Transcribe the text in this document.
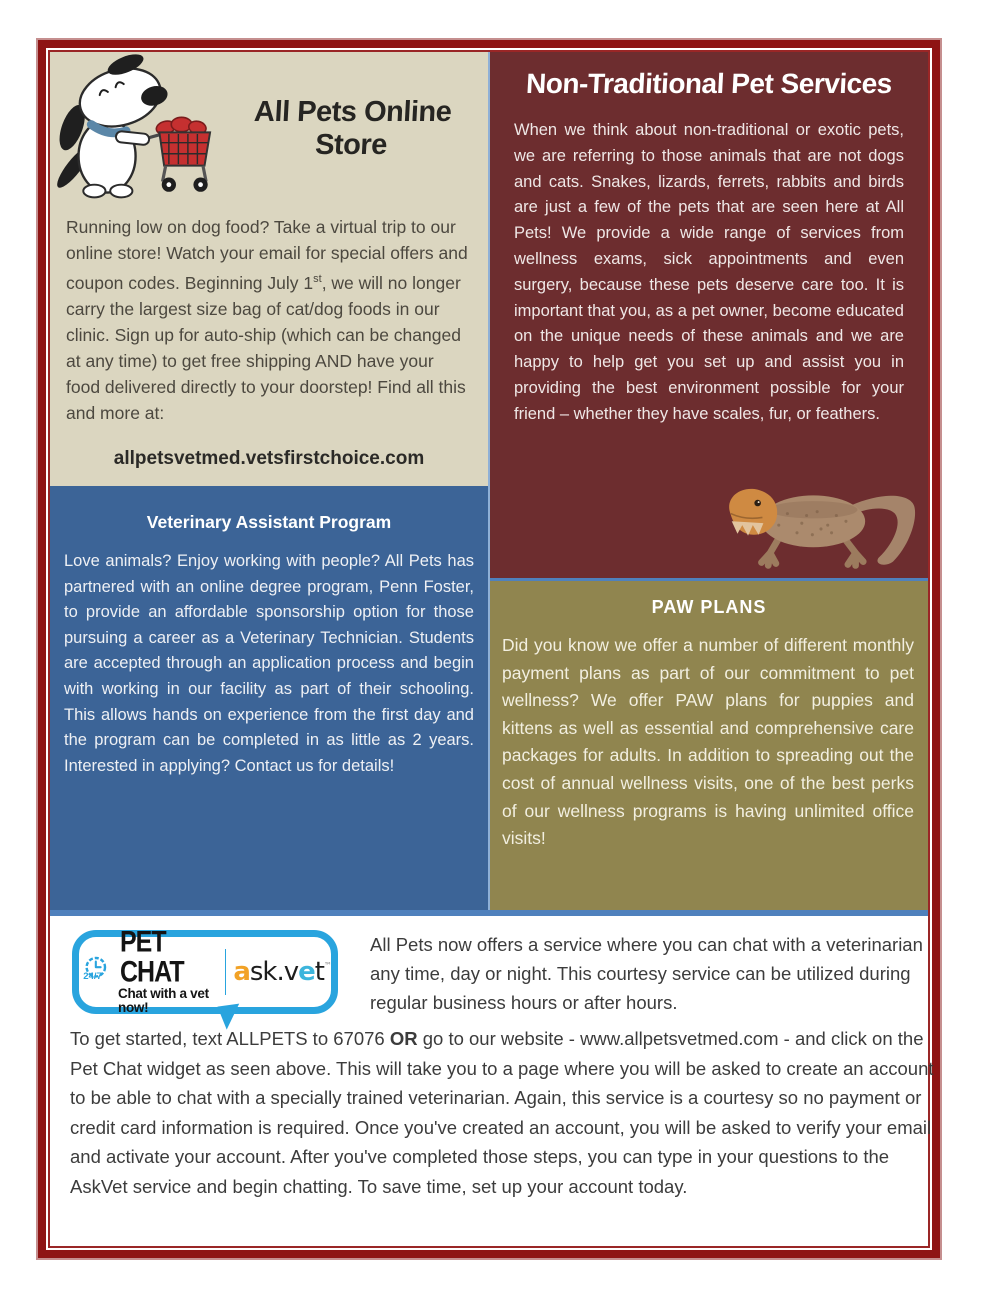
All Pets Online Store
Running low on dog food? Take a virtual trip to our online store! Watch your email for special offers and coupon codes. Beginning July 1st, we will no longer carry the largest size bag of cat/dog foods in our clinic. Sign up for auto-ship (which can be changed at any time) to get free shipping AND have your food delivered directly to your doorstep! Find all this and more at:
allpetsvetmed.vetsfirstchoice.com
Veterinary Assistant Program
Love animals? Enjoy working with people? All Pets has partnered with an online degree program, Penn Foster, to provide an affordable sponsorship option for those pursuing a career as a Veterinary Technician. Students are accepted through an application process and begin with working in our facility as part of their schooling. This allows hands on experience from the first day and the program can be completed in as little as 2 years. Interested in applying? Contact us for details!
Non-Traditional Pet Services
When we think about non-traditional or exotic pets, we are referring to those animals that are not dogs and cats. Snakes, lizards, ferrets, rabbits and birds are just a few of the pets that are seen here at All Pets! We provide a wide range of services from wellness exams, sick appointments and even surgery, because these pets deserve care too. It is important that you, as a pet owner, become educated on the unique needs of these animals and we are happy to help get you set up and assist you in providing the best environment possible for your friend – whether they have scales, fur, or feathers.
PAW PLANS
Did you know we offer a number of different monthly payment plans as part of our commitment to pet wellness? We offer PAW plans for puppies and kittens as well as essential and comprehensive care packages for adults. In addition to spreading out the cost of annual wellness visits, one of the best perks of our wellness programs is having unlimited office visits!
24/7
PET CHAT
Chat with a vet now!
ask.vet™
All Pets now offers a service where you can chat with a veterinarian any time, day or night. This courtesy service can be utilized during regular business hours or after hours.
To get started, text ALLPETS to 67076 OR go to our website - www.allpetsvetmed.com - and click on the Pet Chat widget as seen above. This will take you to a page where you will be asked to create an account to be able to chat with a specially trained veterinarian. Again, this service is a courtesy so no payment or credit card information is required. Once you've created an account, you will be asked to verify your email and activate your account. After you've completed those steps, you can type in your questions to the AskVet service and begin chatting. To save time, set up your account today.
